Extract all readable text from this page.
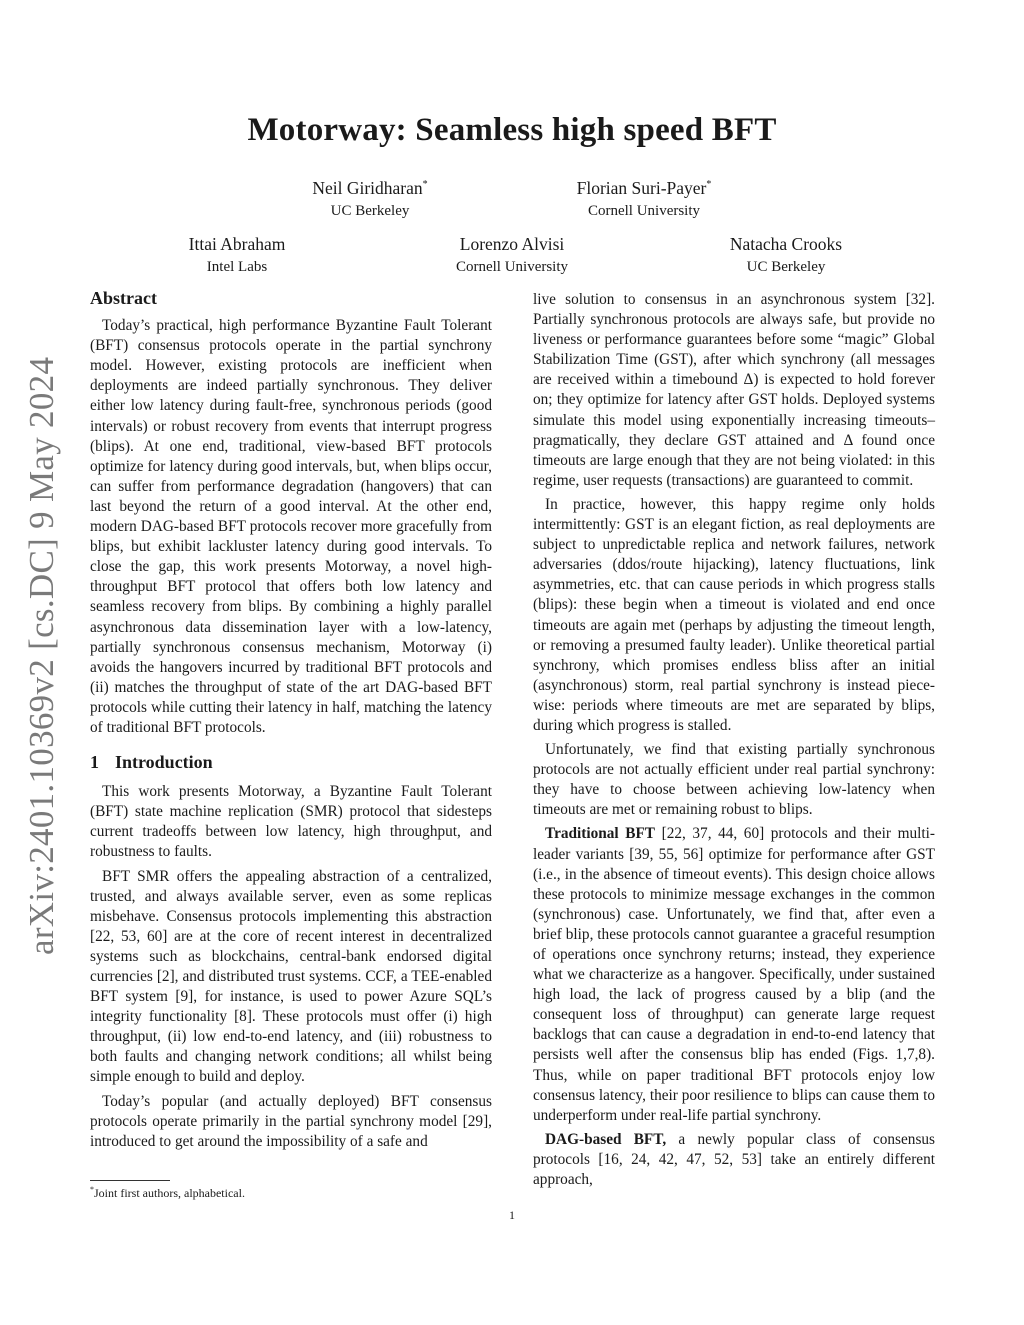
arXiv:2401.10369v2 [cs.DC] 9 May 2024
Motorway: Seamless high speed BFT
Neil Giridharan*
UC Berkeley
Florian Suri-Payer*
Cornell University
Ittai Abraham
Intel Labs
Lorenzo Alvisi
Cornell University
Natacha Crooks
UC Berkeley
Abstract

Today’s practical, high performance Byzantine Fault Tolerant (BFT) consensus protocols operate in the partial synchrony model. However, existing protocols are inefficient when deployments are indeed partially synchronous. They deliver either low latency during fault-free, synchronous periods (good intervals) or robust recovery from events that interrupt progress (blips). At one end, traditional, view-based BFT protocols optimize for latency during good intervals, but, when blips occur, can suffer from performance degradation (hangovers) that can last beyond the return of a good interval. At the other end, modern DAG-based BFT protocols recover more gracefully from blips, but exhibit lackluster latency during good intervals. To close the gap, this work presents Motorway, a novel high-throughput BFT protocol that offers both low latency and seamless recovery from blips. By combining a highly parallel asynchronous data dissemination layer with a low-latency, partially synchronous consensus mechanism, Motorway (i) avoids the hangovers incurred by traditional BFT protocols and (ii) matches the throughput of state of the art DAG-based BFT protocols while cutting their latency in half, matching the latency of traditional BFT protocols.

1 Introduction

This work presents Motorway, a Byzantine Fault Tolerant (BFT) state machine replication (SMR) protocol that sidesteps current tradeoffs between low latency, high throughput, and robustness to faults.

BFT SMR offers the appealing abstraction of a centralized, trusted, and always available server, even as some replicas misbehave. Consensus protocols implementing this abstraction [22, 53, 60] are at the core of recent interest in decentralized systems such as blockchains, central-bank endorsed digital currencies [2], and distributed trust systems. CCF, a TEE-enabled BFT system [9], for instance, is used to power Azure SQL’s integrity functionality [8]. These protocols must offer (i) high throughput, (ii) low end-to-end latency, and (iii) robustness to both faults and changing network conditions; all whilst being simple enough to build and deploy.

Today’s popular (and actually deployed) BFT consensus protocols operate primarily in the partial synchrony model [29], introduced to get around the impossibility of a safe and

live solution to consensus in an asynchronous system [32]. Partially synchronous protocols are always safe, but provide no liveness or performance guarantees before some “magic” Global Stabilization Time (GST), after which synchrony (all messages are received within a timebound Δ) is expected to hold forever on; they optimize for latency after GST holds. Deployed systems simulate this model using exponentially increasing timeouts–pragmatically, they declare GST attained and Δ found once timeouts are large enough that they are not being violated: in this regime, user requests (transactions) are guaranteed to commit.

In practice, however, this happy regime only holds intermittently: GST is an elegant fiction, as real deployments are subject to unpredictable replica and network failures, network adversaries (ddos/route hijacking), latency fluctuations, link asymmetries, etc. that can cause periods in which progress stalls (blips): these begin when a timeout is violated and end once timeouts are again met (perhaps by adjusting the timeout length, or removing a presumed faulty leader). Unlike theoretical partial synchrony, which promises endless bliss after an initial (asynchronous) storm, real partial synchrony is instead piece-wise: periods where timeouts are met are separated by blips, during which progress is stalled.

Unfortunately, we find that existing partially synchronous protocols are not actually efficient under real partial synchrony: they have to choose between achieving low-latency when timeouts are met or remaining robust to blips.

Traditional BFT [22, 37, 44, 60] protocols and their multi-leader variants [39, 55, 56] optimize for performance after GST (i.e., in the absence of timeout events). This design choice allows these protocols to minimize message exchanges in the common (synchronous) case. Unfortunately, we find that, after even a brief blip, these protocols cannot guarantee a graceful resumption of operations once synchrony returns; instead, they experience what we characterize as a hangover. Specifically, under sustained high load, the lack of progress caused by a blip (and the consequent loss of throughput) can generate large request backlogs that can cause a degradation in end-to-end latency that persists well after the consensus blip has ended (Figs. 1,7,8). Thus, while on paper traditional BFT protocols enjoy low consensus latency, their poor resilience to blips can cause them to underperform under real-life partial synchrony.

DAG-based BFT, a newly popular class of consensus protocols [16, 24, 42, 47, 52, 53] take an entirely different approach,

*Joint first authors, alphabetical.
1
